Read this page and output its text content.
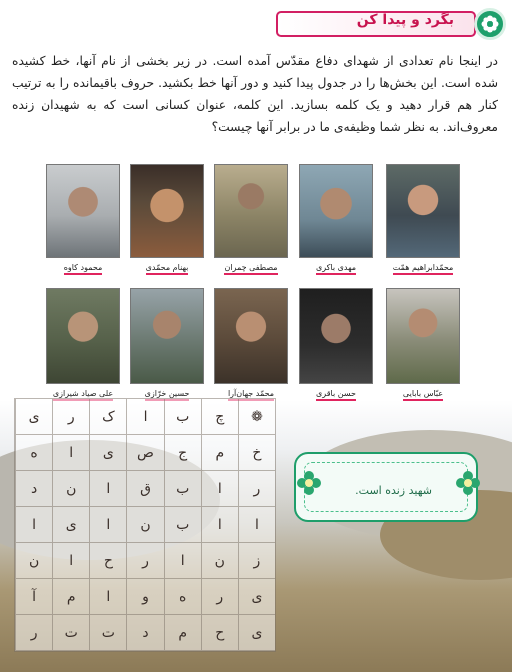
بگرد و پیدا کن
در اینجا نام تعدادی از شهدای دفاع مقدّس آمده است. در زیر بخشی از نام آنها، خط کشیده شده است. این بخش‌ها را در جدول پیدا کنید و دور آنها خط بکشید. حروف باقیمانده را به ترتیب کنار هم قرار دهید و یک کلمه بسازید. این کلمه، عنوان کسانی است که به شهیدان زنده معروف‌اند. به نظر شما وظیفه‌ی ما در برابر آنها چیست؟
محمّدابراهیم همّت
مهدی باکری
مصطفی چمران
بهنام محمّدی
محمود کاوه
عبّاس بابایی
حسن باقری
محمّد جهان‌آرا
حسین خرّازی
علی صیاد شیرازی
❁
چ
ب
ا
ک
ر
ی
خ
م
ج
ص
ی
ا
ه
ر
ا
ب
ق
ا
ن
د
ا
ا
ب
ن
ا
ی
ا
ز
ن
ا
ر
ح
ا
ن
ی
ر
ه
و
ا
م
آ
ی
ح
م
د
ت
ت
ر
شهید زنده است.
